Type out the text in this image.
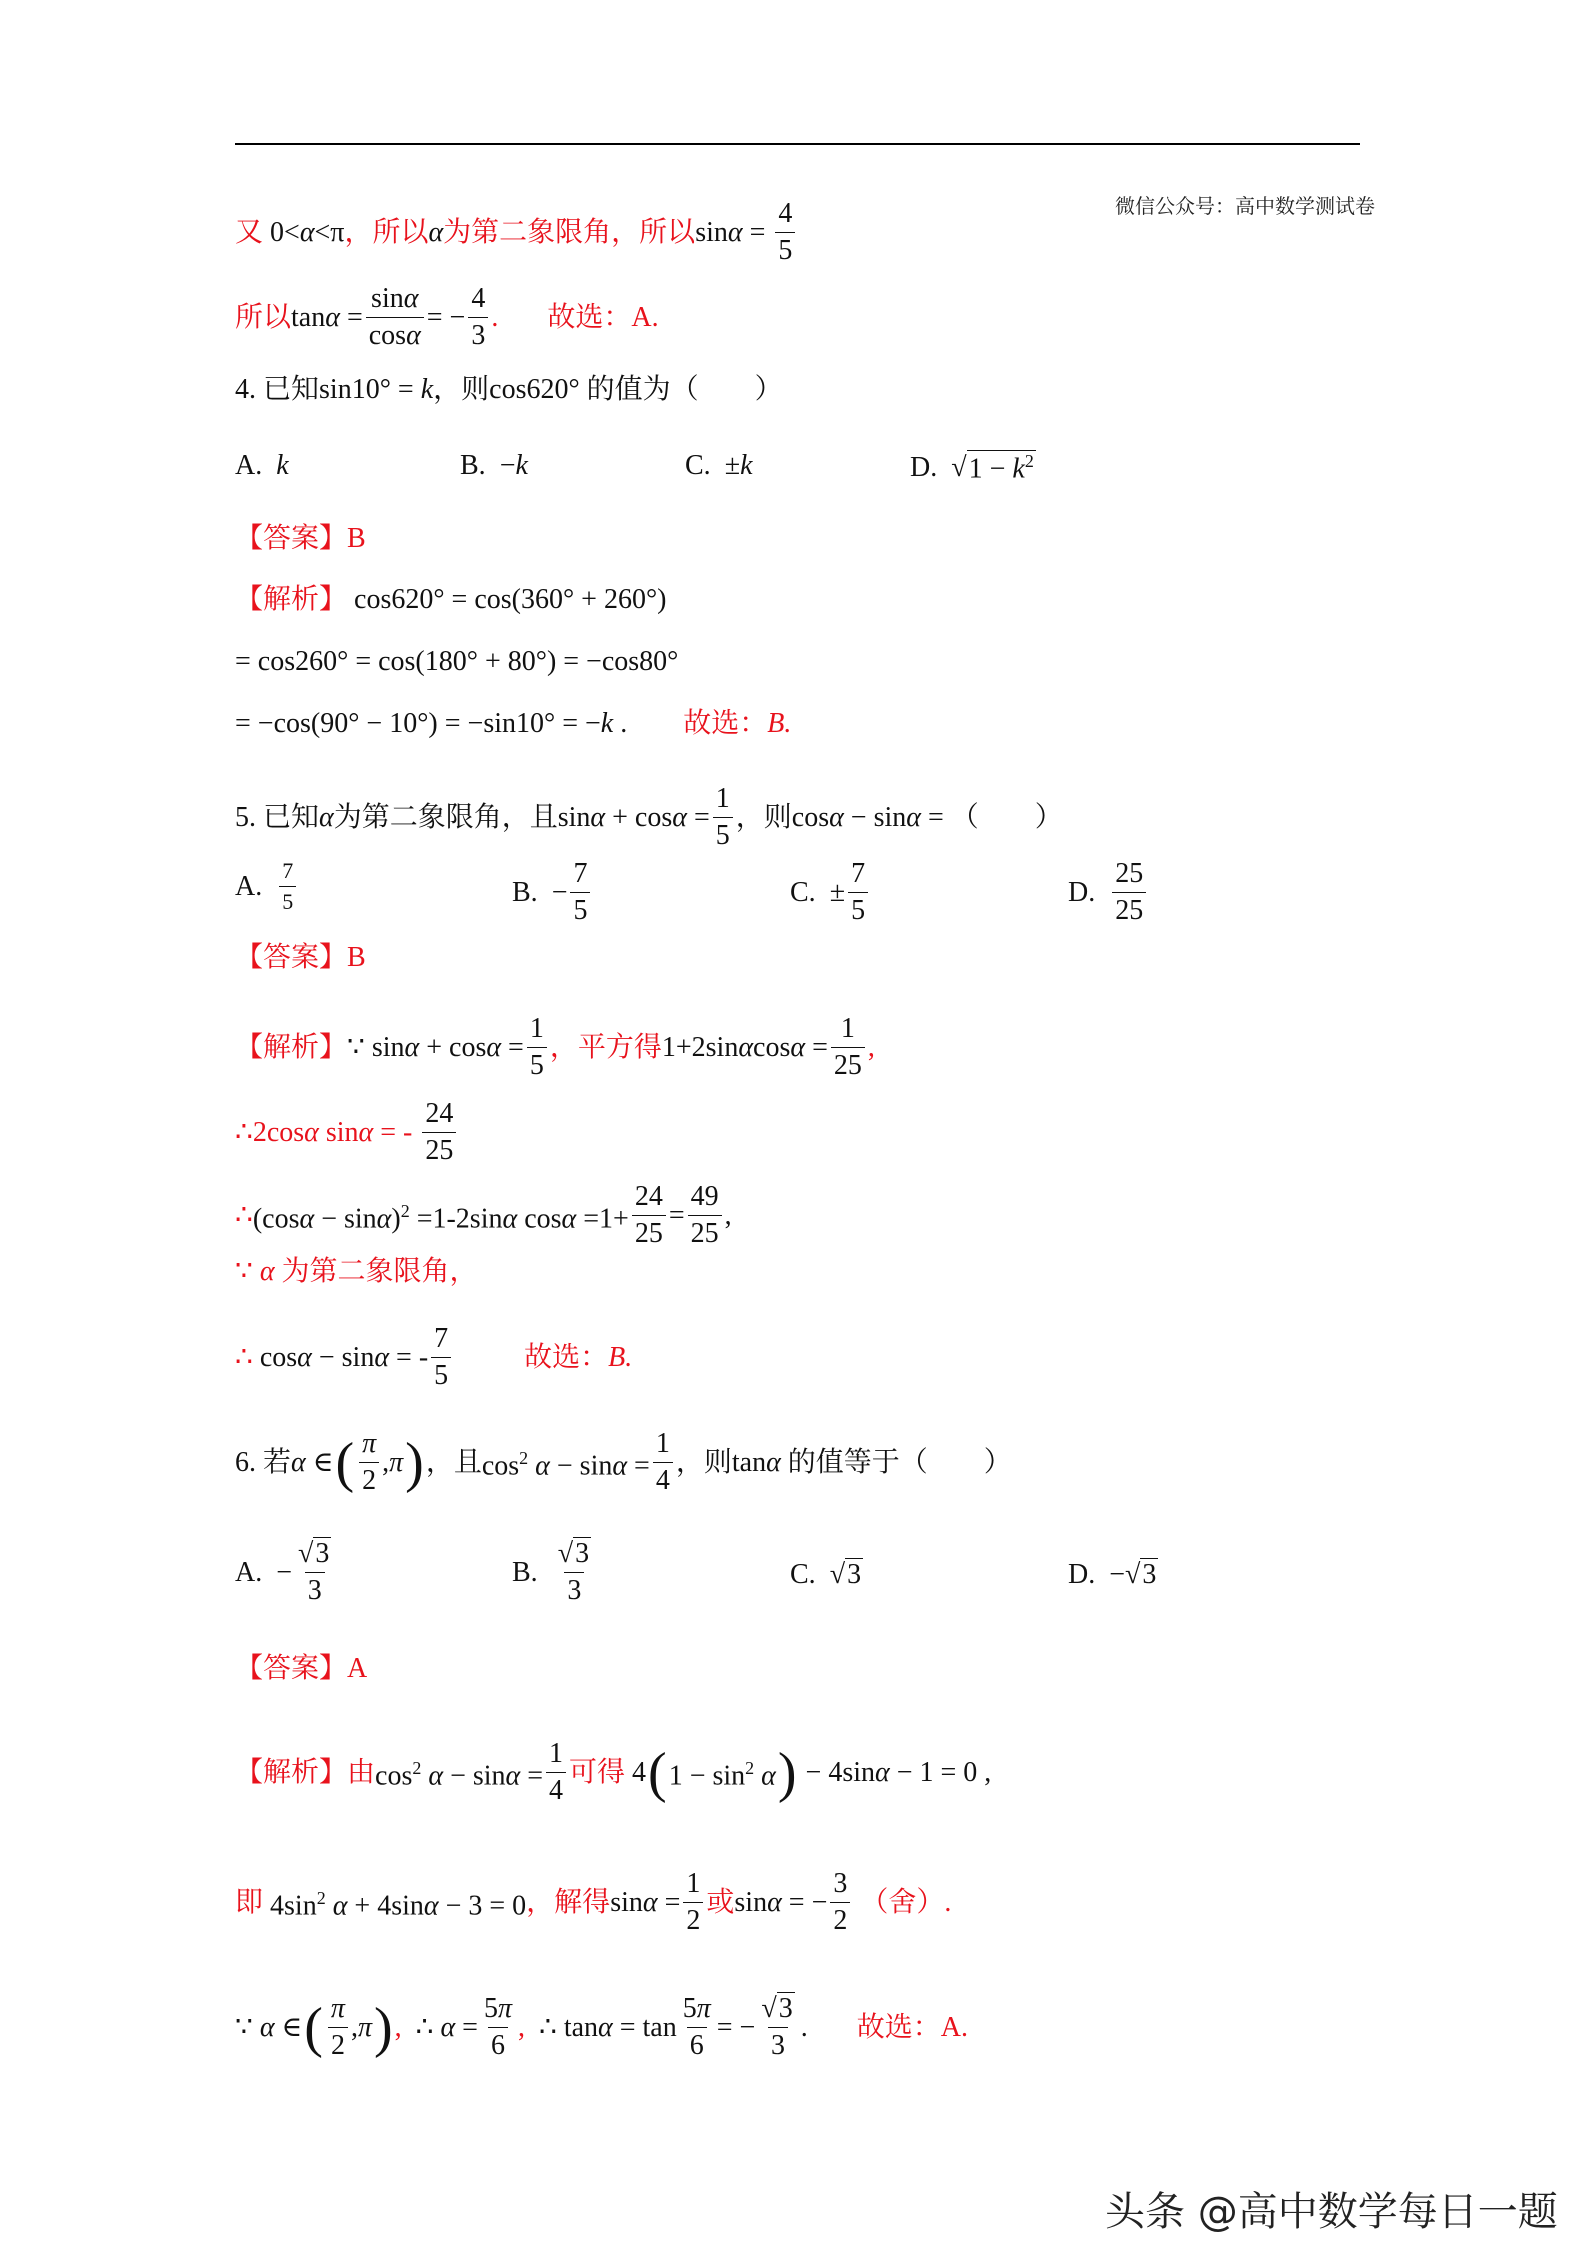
微信公众号：高中数学测试卷
又 0<α<π ，所以 α 为第二象限角，所以 $\sin\alpha = \frac{4}{5}$
所以 $\tan\alpha = \frac{\sin\alpha}{\cos\alpha}$ = − $\frac{4}{3}$ . 故选：A.
4. 已知 sin10° = k ，则 cos620° 的值为（　　）
A.
k	B. − k	C. ± k	D. √ $1 - k^2$
【答案】B
【解析】 cos620° = cos(360° + 260°)
= cos260° = cos(180° + 80°) = −cos80°
= −cos(90° − 10°) = −sin10° = −k .
故选： B.
5. 已知 α 为第二象限角，且 $\sin\alpha + \cos\alpha = \frac{1}{5}$ ，则 cosα − sinα = （　　）
A.
$\frac{7}{5}$	B. − $\frac{7}{5}$	C. ± $\frac{7}{5}$	D.
$\frac{25}{25}$
【答案】B
【解析】 ∵ $\sin\alpha + \cos\alpha = \frac{1}{5}$ ，平方得 $1+2\sin\alpha\cos\alpha = \frac{1}{25}$ ,
∴2cosα sinα = - $\frac{24}{25}$
∴ $(\cos\alpha - \sin\alpha)^2 =1-2\sin\alpha$ $\cos\alpha =1+ \frac{24}{25} = \frac{49}{25}$ ,
∵ α 为第二象限角，
∴ cosα − sinα = - $\frac{7}{5}$
	故选： B.
6. 若 α ∈ ( $\frac{\pi}{2} ,\pi$ ) ，且 $\cos^2 \alpha - \sin\alpha = \frac{1}{4}$ ，则 tanα 的值等于（　　）
A. − $\frac{√3}{3}$	B.
$\frac{√3}{3}$	C. √ 3	D. −√ 3
【答案】A
【解析】 由 $\cos^2 \alpha - \sin\alpha = \frac{1}{4}$ 可得 4 ( $1 - \sin^2 \alpha$ ) − 4sinα − 1 = 0 ,
即 $4\sin^2$ α + 4sinα − 3 = 0 ，解得 $\sin\alpha = \frac{1}{2}$ 或 sinα = − $\frac{3}{2}$
（舍）.
∵ α ∈ ( $\frac{\pi}{2} ,\pi$ ) , ∴ $\alpha = \frac{5\pi}{6}$ , ∴ $\tan\alpha = \tan \frac{5\pi}{6}$ = − $\frac{√3}{3}$ . 故选：A.
头条 @高中数学每日一题
